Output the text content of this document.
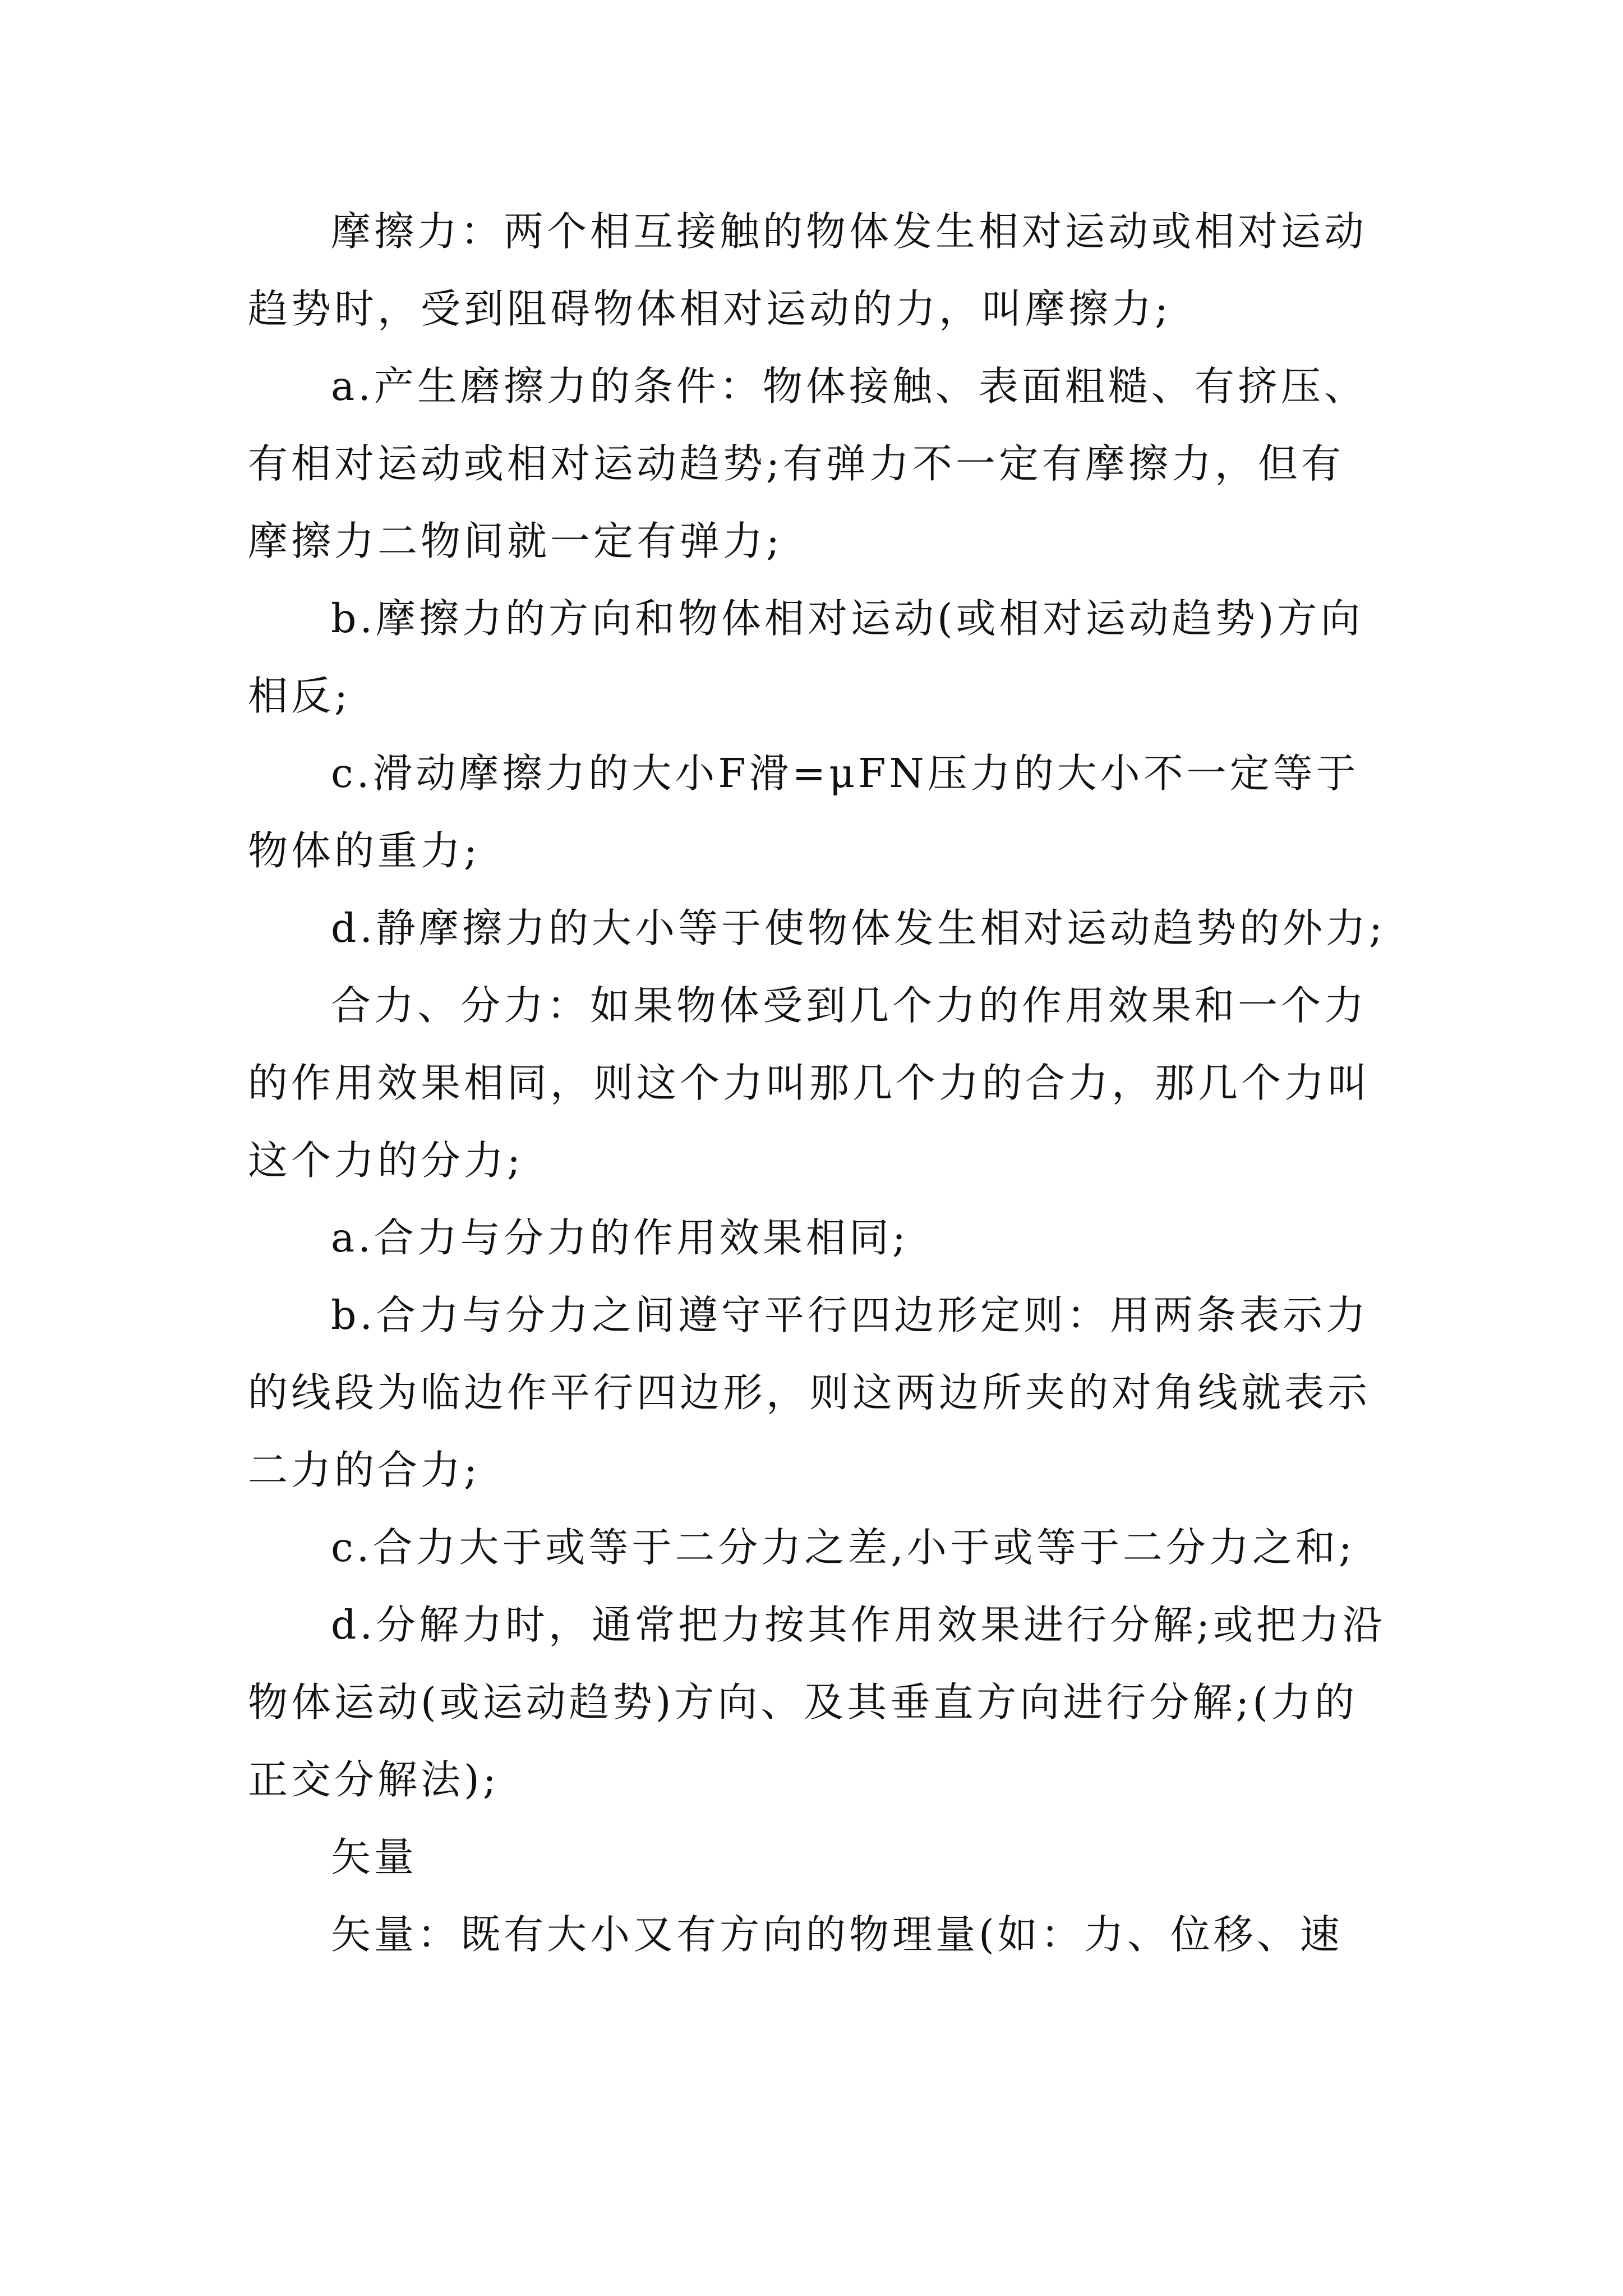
摩擦力：两个相互接触的物体发生相对运动或相对运动趋势时，受到阻碍物体相对运动的力，叫摩擦力;

a.产生磨擦力的条件：物体接触、表面粗糙、有挤压、有相对运动或相对运动趋势;有弹力不一定有摩擦力，但有摩擦力二物间就一定有弹力;

b.摩擦力的方向和物体相对运动(或相对运动趋势)方向相反;

c.滑动摩擦力的大小F滑=μFN压力的大小不一定等于物体的重力;

d.静摩擦力的大小等于使物体发生相对运动趋势的外力;

合力、分力：如果物体受到几个力的作用效果和一个力的作用效果相同，则这个力叫那几个力的合力，那几个力叫这个力的分力;

a.合力与分力的作用效果相同;

b.合力与分力之间遵守平行四边形定则：用两条表示力的线段为临边作平行四边形，则这两边所夹的对角线就表示二力的合力;

c.合力大于或等于二分力之差,小于或等于二分力之和;

d.分解力时，通常把力按其作用效果进行分解;或把力沿物体运动(或运动趋势)方向、及其垂直方向进行分解;(力的正交分解法);

矢量

矢量：既有大小又有方向的物理量(如：力、位移、速
